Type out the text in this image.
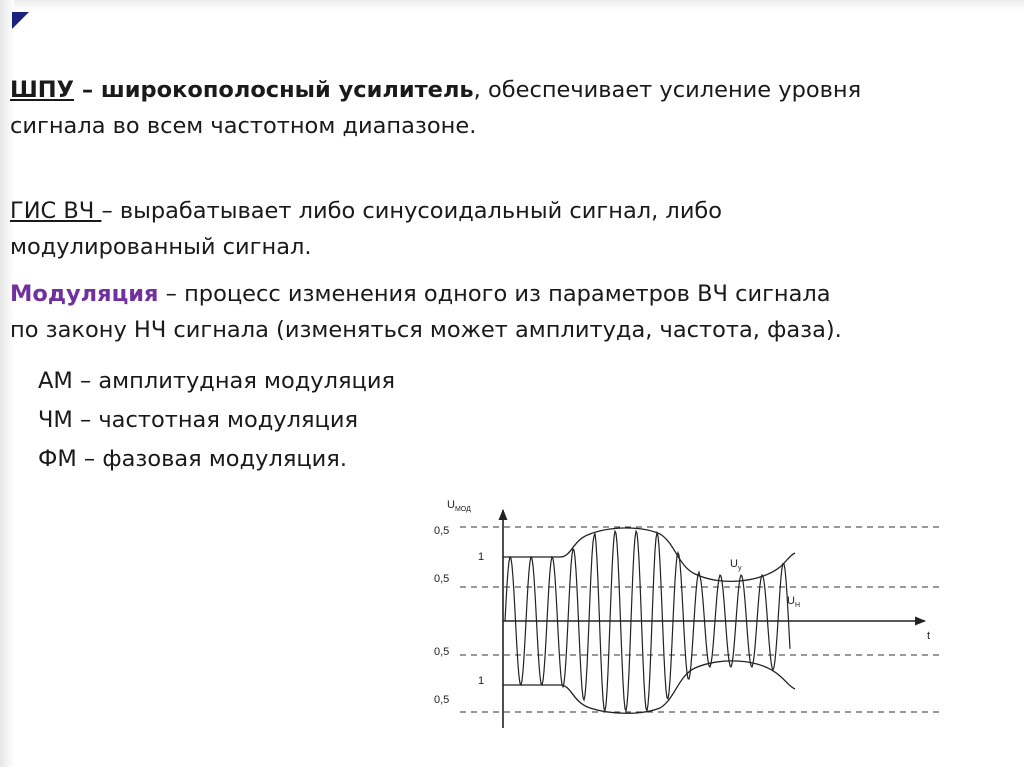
ШПУ – широкополосный усилитель, обеспечивает усиление уровня
сигнала во всем частотном диапазоне.

ГИС ВЧ – вырабатывает либо синусоидальный сигнал, либо
модулированный сигнал.

Модуляция – процесс изменения одного из параметров ВЧ сигнала
по закону НЧ сигнала (изменяться может амплитуда, частота, фаза).

АМ – амплитудная модуляция
ЧМ – частотная модуляция
ФМ – фазовая модуляция.
$U_{МОД}$
t
0,5
0,5
0,5
0,5
1
1
$U_у$
$U_Н$
